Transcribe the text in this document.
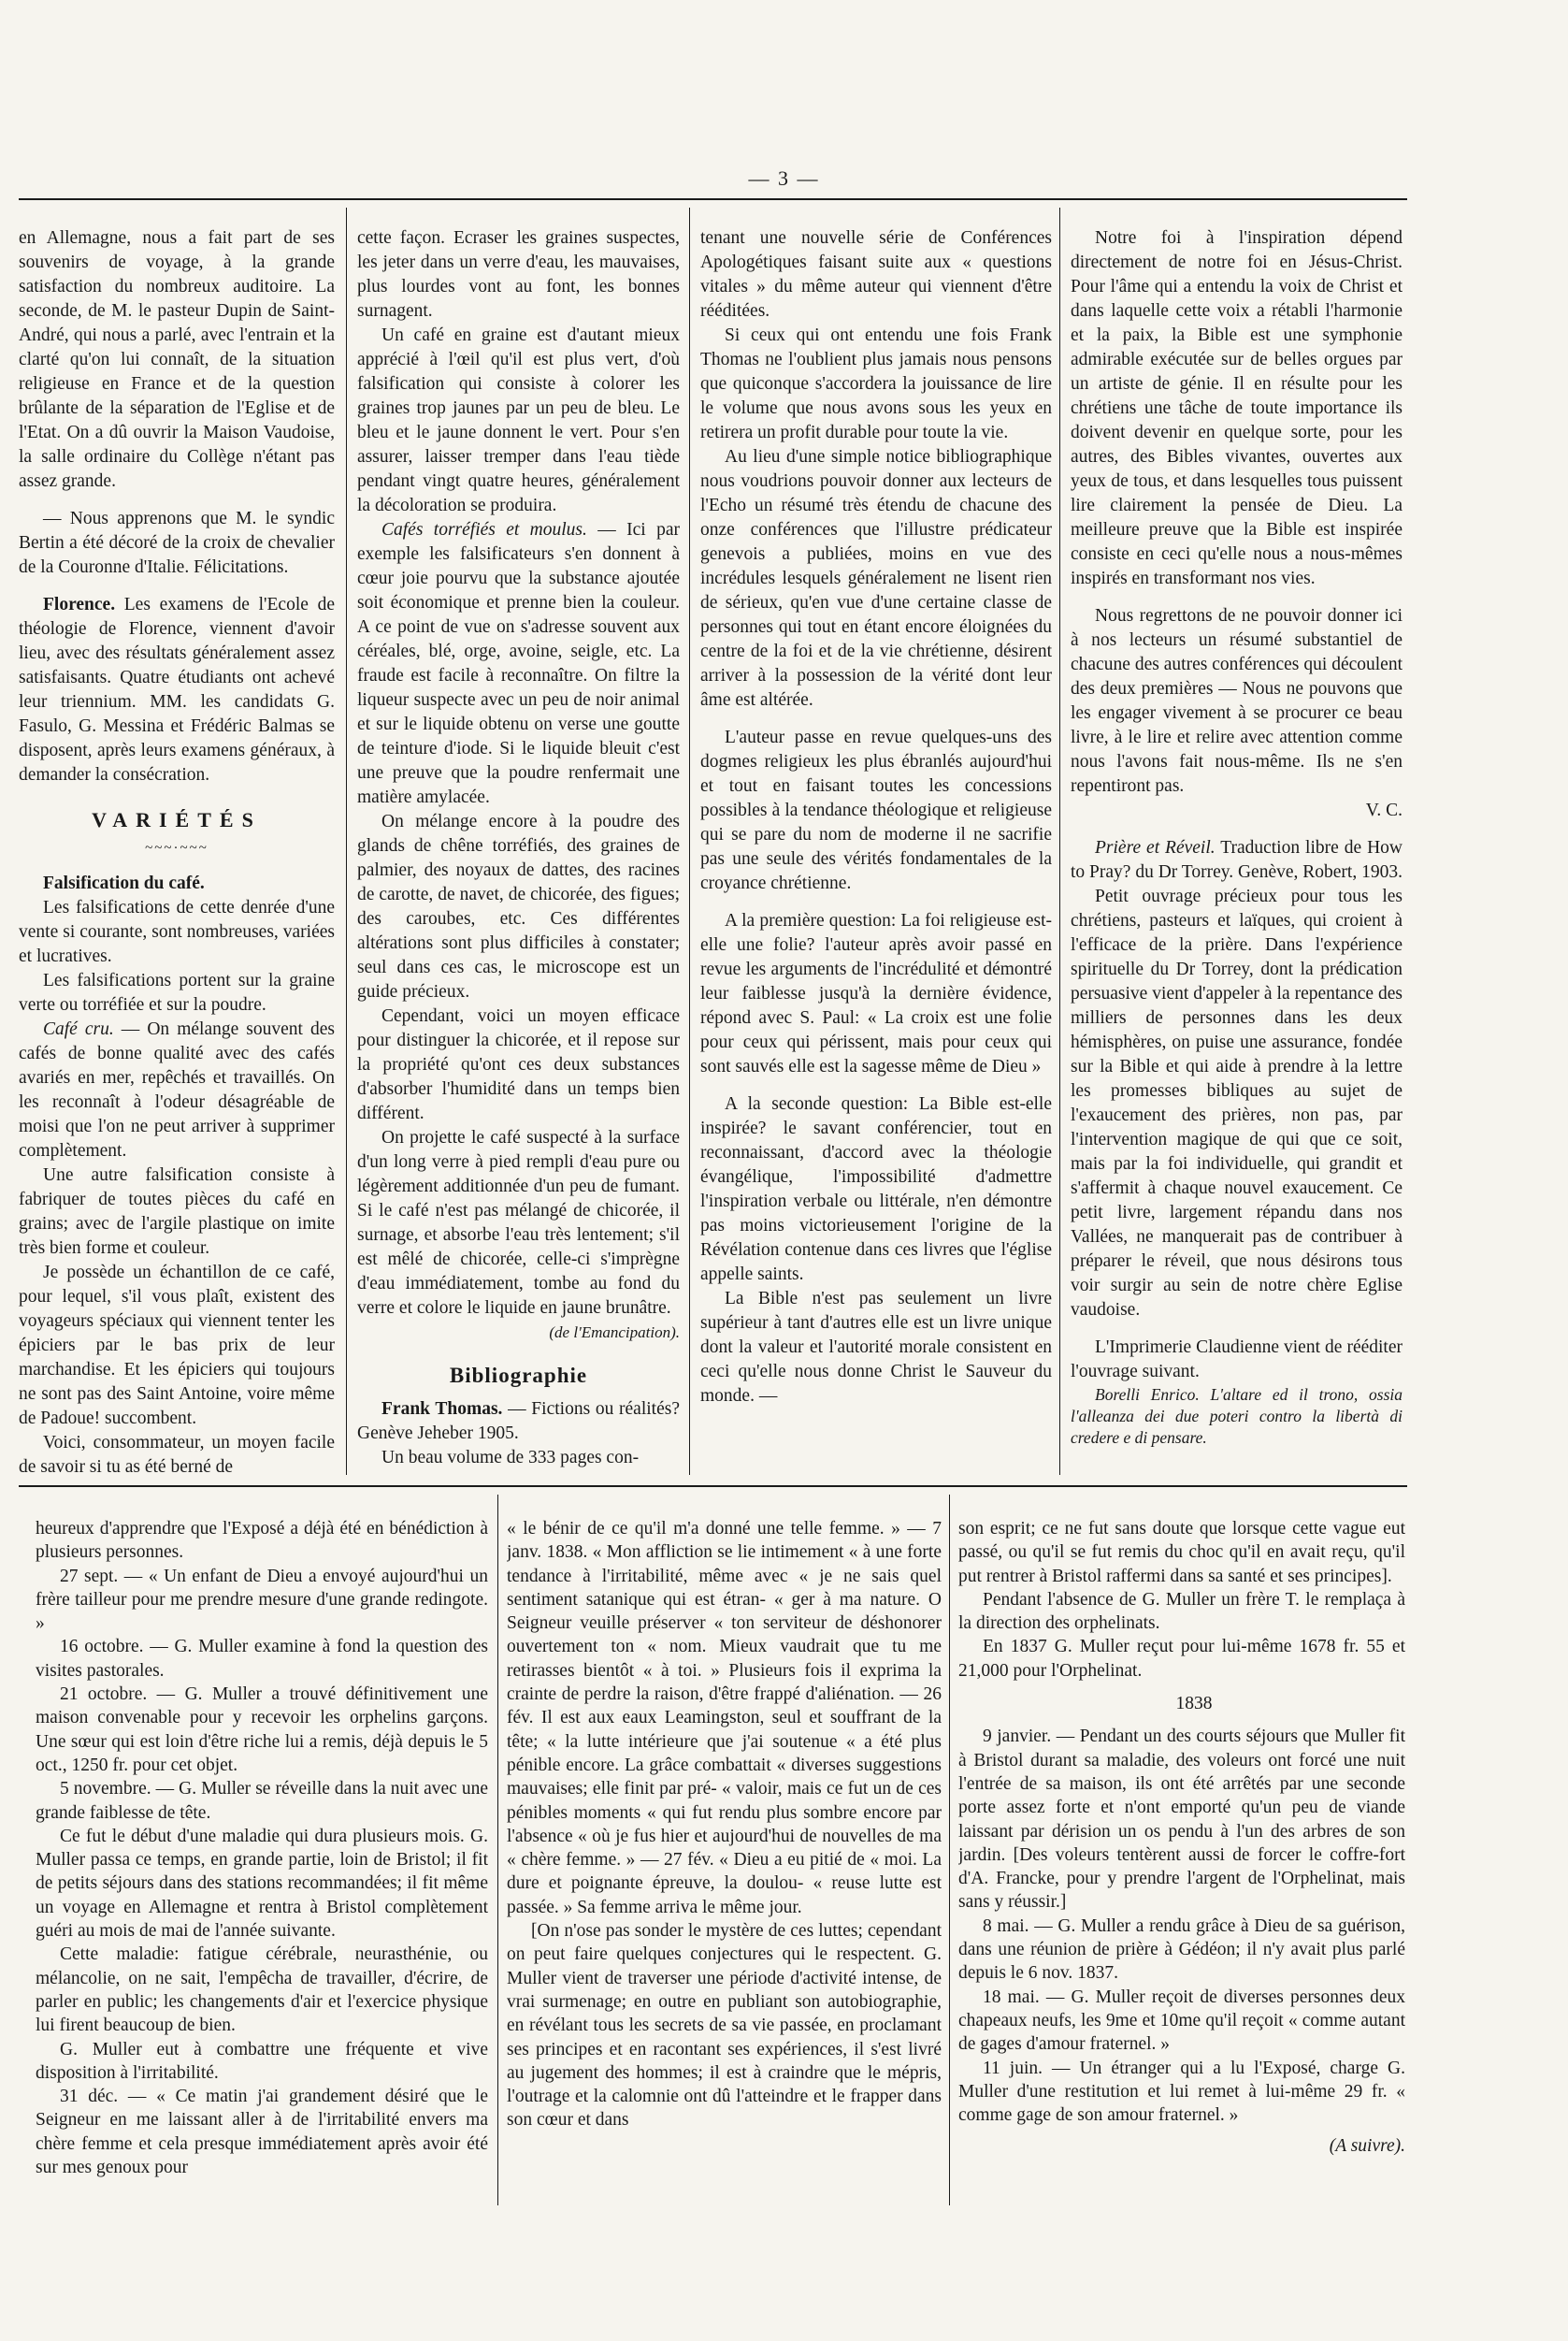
— 3 —

en Allemagne, nous a fait part de ses souvenirs de voyage, à la grande satisfaction du nombreux auditoire. La seconde, de M. le pasteur Dupin de Saint-André, qui nous a parlé, avec l'entrain et la clarté qu'on lui connaît, de la situation religieuse en France et de la question brûlante de la séparation de l'Eglise et de l'Etat. On a dû ouvrir la Maison Vaudoise, la salle ordinaire du Collège n'étant pas assez grande.

— Nous apprenons que M. le syndic Bertin a été décoré de la croix de chevalier de la Couronne d'Italie. Félicitations.

Florence. Les examens de l'Ecole de théologie de Florence, viennent d'avoir lieu, avec des résultats généralement assez satisfaisants. Quatre étudiants ont achevé leur triennium. MM. les candidats G. Fasulo, G. Messina et Frédéric Balmas se disposent, après leurs examens généraux, à demander la consécration.

VARIÉTÉS
~~~·~~~

Falsification du café.

Les falsifications de cette denrée d'une vente si courante, sont nombreuses, variées et lucratives.

Les falsifications portent sur la graine verte ou torréfiée et sur la poudre.

Café cru. — On mélange souvent des cafés de bonne qualité avec des cafés avariés en mer, repêchés et travaillés. On les reconnaît à l'odeur désagréable de moisi que l'on ne peut arriver à supprimer complètement.

Une autre falsification consiste à fabriquer de toutes pièces du café en grains; avec de l'argile plastique on imite très bien forme et couleur.

Je possède un échantillon de ce café, pour lequel, s'il vous plaît, existent des voyageurs spéciaux qui viennent tenter les épiciers par le bas prix de leur marchandise. Et les épiciers qui toujours ne sont pas des Saint Antoine, voire même de Padoue! succombent.

Voici, consommateur, un moyen facile de savoir si tu as été berné de

cette façon. Ecraser les graines suspectes, les jeter dans un verre d'eau, les mauvaises, plus lourdes vont au font, les bonnes surnagent.

Un café en graine est d'autant mieux apprécié à l'œil qu'il est plus vert, d'où falsification qui consiste à colorer les graines trop jaunes par un peu de bleu. Le bleu et le jaune donnent le vert. Pour s'en assurer, laisser tremper dans l'eau tiède pendant vingt quatre heures, généralement la décoloration se produira.

Cafés torréfiés et moulus. — Ici par exemple les falsificateurs s'en donnent à cœur joie pourvu que la substance ajoutée soit économique et prenne bien la couleur. A ce point de vue on s'adresse souvent aux céréales, blé, orge, avoine, seigle, etc. La fraude est facile à reconnaître. On filtre la liqueur suspecte avec un peu de noir animal et sur le liquide obtenu on verse une goutte de teinture d'iode. Si le liquide bleuit c'est une preuve que la poudre renfermait une matière amylacée.

On mélange encore à la poudre des glands de chêne torréfiés, des graines de palmier, des noyaux de dattes, des racines de carotte, de navet, de chicorée, des figues; des caroubes, etc. Ces différentes altérations sont plus difficiles à constater; seul dans ces cas, le microscope est un guide précieux.

Cependant, voici un moyen efficace pour distinguer la chicorée, et il repose sur la propriété qu'ont ces deux substances d'absorber l'humidité dans un temps bien différent.

On projette le café suspecté à la surface d'un long verre à pied rempli d'eau pure ou légèrement additionnée d'un peu de fumant. Si le café n'est pas mélangé de chicorée, il surnage, et absorbe l'eau très lentement; s'il est mêlé de chicorée, celle-ci s'imprègne d'eau immédiatement, tombe au fond du verre et colore le liquide en jaune brunâtre.

(de l'Emancipation).

Bibliographie

Frank Thomas. — Fictions ou réalités? Genève Jeheber 1905.

Un beau volume de 333 pages con-

tenant une nouvelle série de Conférences Apologétiques faisant suite aux « questions vitales » du même auteur qui viennent d'être rééditées.

Si ceux qui ont entendu une fois Frank Thomas ne l'oublient plus jamais nous pensons que quiconque s'accordera la jouissance de lire le volume que nous avons sous les yeux en retirera un profit durable pour toute la vie.

Au lieu d'une simple notice bibliographique nous voudrions pouvoir donner aux lecteurs de l'Echo un résumé très étendu de chacune des onze conférences que l'illustre prédicateur genevois a publiées, moins en vue des incrédules lesquels généralement ne lisent rien de sérieux, qu'en vue d'une certaine classe de personnes qui tout en étant encore éloignées du centre de la foi et de la vie chrétienne, désirent arriver à la possession de la vérité dont leur âme est altérée.

L'auteur passe en revue quelques-uns des dogmes religieux les plus ébranlés aujourd'hui et tout en faisant toutes les concessions possibles à la tendance théologique et religieuse qui se pare du nom de moderne il ne sacrifie pas une seule des vérités fondamentales de la croyance chrétienne.

A la première question: La foi religieuse est-elle une folie? l'auteur après avoir passé en revue les arguments de l'incrédulité et démontré leur faiblesse jusqu'à la dernière évidence, répond avec S. Paul: « La croix est une folie pour ceux qui périssent, mais pour ceux qui sont sauvés elle est la sagesse même de Dieu »

A la seconde question: La Bible est-elle inspirée? le savant conférencier, tout en reconnaissant, d'accord avec la théologie évangélique, l'impossibilité d'admettre l'inspiration verbale ou littérale, n'en démontre pas moins victorieusement l'origine de la Révélation contenue dans ces livres que l'église appelle saints.

La Bible n'est pas seulement un livre supérieur à tant d'autres elle est un livre unique dont la valeur et l'autorité morale consistent en ceci qu'elle nous donne Christ le Sauveur du monde. —

Notre foi à l'inspiration dépend directement de notre foi en Jésus-Christ. Pour l'âme qui a entendu la voix de Christ et dans laquelle cette voix a rétabli l'harmonie et la paix, la Bible est une symphonie admirable exécutée sur de belles orgues par un artiste de génie. Il en résulte pour les chrétiens une tâche de toute importance ils doivent devenir en quelque sorte, pour les autres, des Bibles vivantes, ouvertes aux yeux de tous, et dans lesquelles tous puissent lire clairement la pensée de Dieu. La meilleure preuve que la Bible est inspirée consiste en ceci qu'elle nous a nous-mêmes inspirés en transformant nos vies.

Nous regrettons de ne pouvoir donner ici à nos lecteurs un résumé substantiel de chacune des autres conférences qui découlent des deux premières — Nous ne pouvons que les engager vivement à se procurer ce beau livre, à le lire et relire avec attention comme nous l'avons fait nous-même. Ils ne s'en repentiront pas.

V. C.

Prière et Réveil. Traduction libre de How to Pray? du Dr Torrey. Genève, Robert, 1903.

Petit ouvrage précieux pour tous les chrétiens, pasteurs et laïques, qui croient à l'efficace de la prière. Dans l'expérience spirituelle du Dr Torrey, dont la prédication persuasive vient d'appeler à la repentance des milliers de personnes dans les deux hémisphères, on puise une assurance, fondée sur la Bible et qui aide à prendre à la lettre les promesses bibliques au sujet de l'exaucement des prières, non pas, par l'intervention magique de qui que ce soit, mais par la foi individuelle, qui grandit et s'affermit à chaque nouvel exaucement. Ce petit livre, largement répandu dans nos Vallées, ne manquerait pas de contribuer à préparer le réveil, que nous désirons tous voir surgir au sein de notre chère Eglise vaudoise.

L'Imprimerie Claudienne vient de rééditer l'ouvrage suivant.

Borelli Enrico. L'altare ed il trono, ossia l'alleanza dei due poteri contro la libertà di credere e di pensare.

heureux d'apprendre que l'Exposé a déjà été en bénédiction à plusieurs personnes.

27 sept. — « Un enfant de Dieu a envoyé aujourd'hui un frère tailleur pour me prendre mesure d'une grande redingote. »

16 octobre. — G. Muller examine à fond la question des visites pastorales.

21 octobre. — G. Muller a trouvé définitivement une maison convenable pour y recevoir les orphelins garçons. Une sœur qui est loin d'être riche lui a remis, déjà depuis le 5 oct., 1250 fr. pour cet objet.

5 novembre. — G. Muller se réveille dans la nuit avec une grande faiblesse de tête.

Ce fut le début d'une maladie qui dura plusieurs mois. G. Muller passa ce temps, en grande partie, loin de Bristol; il fit de petits séjours dans des stations recommandées; il fit même un voyage en Allemagne et rentra à Bristol complètement guéri au mois de mai de l'année suivante.

Cette maladie: fatigue cérébrale, neurasthénie, ou mélancolie, on ne sait, l'empêcha de travailler, d'écrire, de parler en public; les changements d'air et l'exercice physique lui firent beaucoup de bien.

G. Muller eut à combattre une fréquente et vive disposition à l'irritabilité.

31 déc. — « Ce matin j'ai grandement désiré que le Seigneur en me laissant aller à de l'irritabilité envers ma chère femme et cela presque immédiatement après avoir été sur mes genoux pour

« le bénir de ce qu'il m'a donné une telle femme. » — 7 janv. 1838. « Mon affliction se lie intimement « à une forte tendance à l'irritabilité, même avec « je ne sais quel sentiment satanique qui est étran- « ger à ma nature. O Seigneur veuille préserver « ton serviteur de déshonorer ouvertement ton « nom. Mieux vaudrait que tu me retirasses bientôt « à toi. » Plusieurs fois il exprima la crainte de perdre la raison, d'être frappé d'aliénation. — 26 fév. Il est aux eaux Leamingston, seul et souffrant de la tête; « la lutte intérieure que j'ai soutenue « a été plus pénible encore. La grâce combattait « diverses suggestions mauvaises; elle finit par pré- « valoir, mais ce fut un de ces pénibles moments « qui fut rendu plus sombre encore par l'absence « où je fus hier et aujourd'hui de nouvelles de ma « chère femme. » — 27 fév. « Dieu a eu pitié de « moi. La dure et poignante épreuve, la doulou- « reuse lutte est passée. » Sa femme arriva le même jour.

[On n'ose pas sonder le mystère de ces luttes; cependant on peut faire quelques conjectures qui le respectent. G. Muller vient de traverser une période d'activité intense, de vrai surmenage; en outre en publiant son autobiographie, en révélant tous les secrets de sa vie passée, en proclamant ses principes et en racontant ses expériences, il s'est livré au jugement des hommes; il est à craindre que le mépris, l'outrage et la calomnie ont dû l'atteindre et le frapper dans son cœur et dans

son esprit; ce ne fut sans doute que lorsque cette vague eut passé, ou qu'il se fut remis du choc qu'il en avait reçu, qu'il put rentrer à Bristol raffermi dans sa santé et ses principes].

Pendant l'absence de G. Muller un frère T. le remplaça à la direction des orphelinats.

En 1837 G. Muller reçut pour lui-même 1678 fr. 55 et 21,000 pour l'Orphelinat.

1838

9 janvier. — Pendant un des courts séjours que Muller fit à Bristol durant sa maladie, des voleurs ont forcé une nuit l'entrée de sa maison, ils ont été arrêtés par une seconde porte assez forte et n'ont emporté qu'un peu de viande laissant par dérision un os pendu à l'un des arbres de son jardin. [Des voleurs tentèrent aussi de forcer le coffre-fort d'A. Francke, pour y prendre l'argent de l'Orphelinat, mais sans y réussir.]

8 mai. — G. Muller a rendu grâce à Dieu de sa guérison, dans une réunion de prière à Gédéon; il n'y avait plus parlé depuis le 6 nov. 1837.

18 mai. — G. Muller reçoit de diverses personnes deux chapeaux neufs, les 9me et 10me qu'il reçoit « comme autant de gages d'amour fraternel. »

11 juin. — Un étranger qui a lu l'Exposé, charge G. Muller d'une restitution et lui remet à lui-même 29 fr. « comme gage de son amour fraternel. »

(A suivre).
